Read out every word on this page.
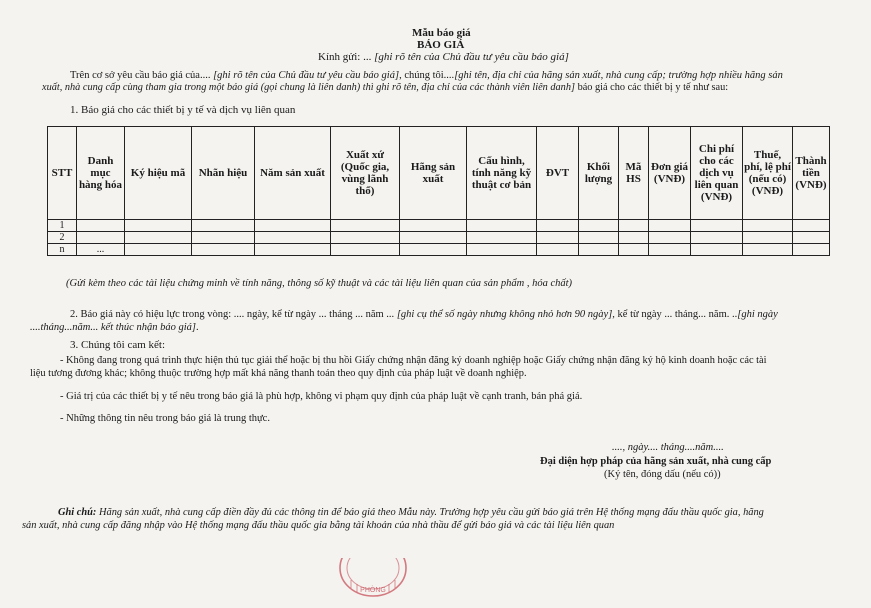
Mẫu báo giá
BÁO GIÁ
Kính gửi: ... [ghi rõ tên của Chủ đầu tư yêu cầu báo giá]
Trên cơ sở yêu cầu báo giá của.... [ghi rõ tên của Chủ đầu tư yêu cầu báo giá], chúng tôi....[ghi tên, địa chỉ của hãng sản xuất, nhà cung cấp; trường hợp nhiều hãng sản
xuất, nhà cung cấp cùng tham gia trong một báo giá (gọi chung là liên danh) thì ghi rõ tên, địa chỉ của các thành viên liên danh] báo giá cho các thiết bị y tế như sau:
1. Báo giá cho các thiết bị y tế và dịch vụ liên quan
STT	Danh mục hàng hóa	Ký hiệu mã	Nhãn hiệu	Năm sản xuất	Xuất xứ (Quốc gia, vùng lãnh thổ)	Hãng sản xuất	Cấu hình, tính năng kỹ thuật cơ bản	ĐVT	Khối lượng	Mã HS	Đơn giá (VNĐ)	Chi phí cho các dịch vụ liên quan (VNĐ)	Thuế, phí, lệ phí (nếu có) (VNĐ)	Thành tiền (VNĐ)
1														
2														
n	...													
(Gửi kèm theo các tài liệu chứng minh về tính năng, thông số kỹ thuật và các tài liệu liên quan của sản phẩm , hóa chất)
2. Báo giá này có hiệu lực trong vòng: .... ngày, kể từ ngày ... tháng ... năm ... [ghi cụ thể số ngày nhưng không nhỏ hơn 90 ngày], kể từ ngày ... tháng... năm. ..[ghi ngày
....tháng...năm... kết thúc nhận báo giá].
3. Chúng tôi cam kết:
- Không đang trong quá trình thực hiện thủ tục giải thể hoặc bị thu hồi Giấy chứng nhận đăng ký doanh nghiệp hoặc Giấy chứng nhận đăng ký hộ kinh doanh hoặc các tài
liệu tương đương khác; không thuộc trường hợp mất khả năng thanh toán theo quy định của pháp luật về doanh nghiệp.
- Giá trị của các thiết bị y tế nêu trong báo giá là phù hợp, không vi phạm quy định của pháp luật về cạnh tranh, bán phá giá.
- Những thông tin nêu trong báo giá là trung thực.
...., ngày.... tháng....năm....
Đại diện hợp pháp của hãng sản xuất, nhà cung cấp
(Ký tên, đóng dấu (nếu có))
Ghi chú: Hãng sản xuất, nhà cung cấp điền đầy đủ các thông tin để báo giá theo Mẫu này. Trường hợp yêu cầu gửi báo giá trên Hệ thống mạng đấu thầu quốc gia, hãng
sản xuất, nhà cung cấp đăng nhập vào Hệ thống mạng đấu thầu quốc gia bằng tài khoản của nhà thầu để gửi báo giá và các tài liệu liên quan
PHÒNG
